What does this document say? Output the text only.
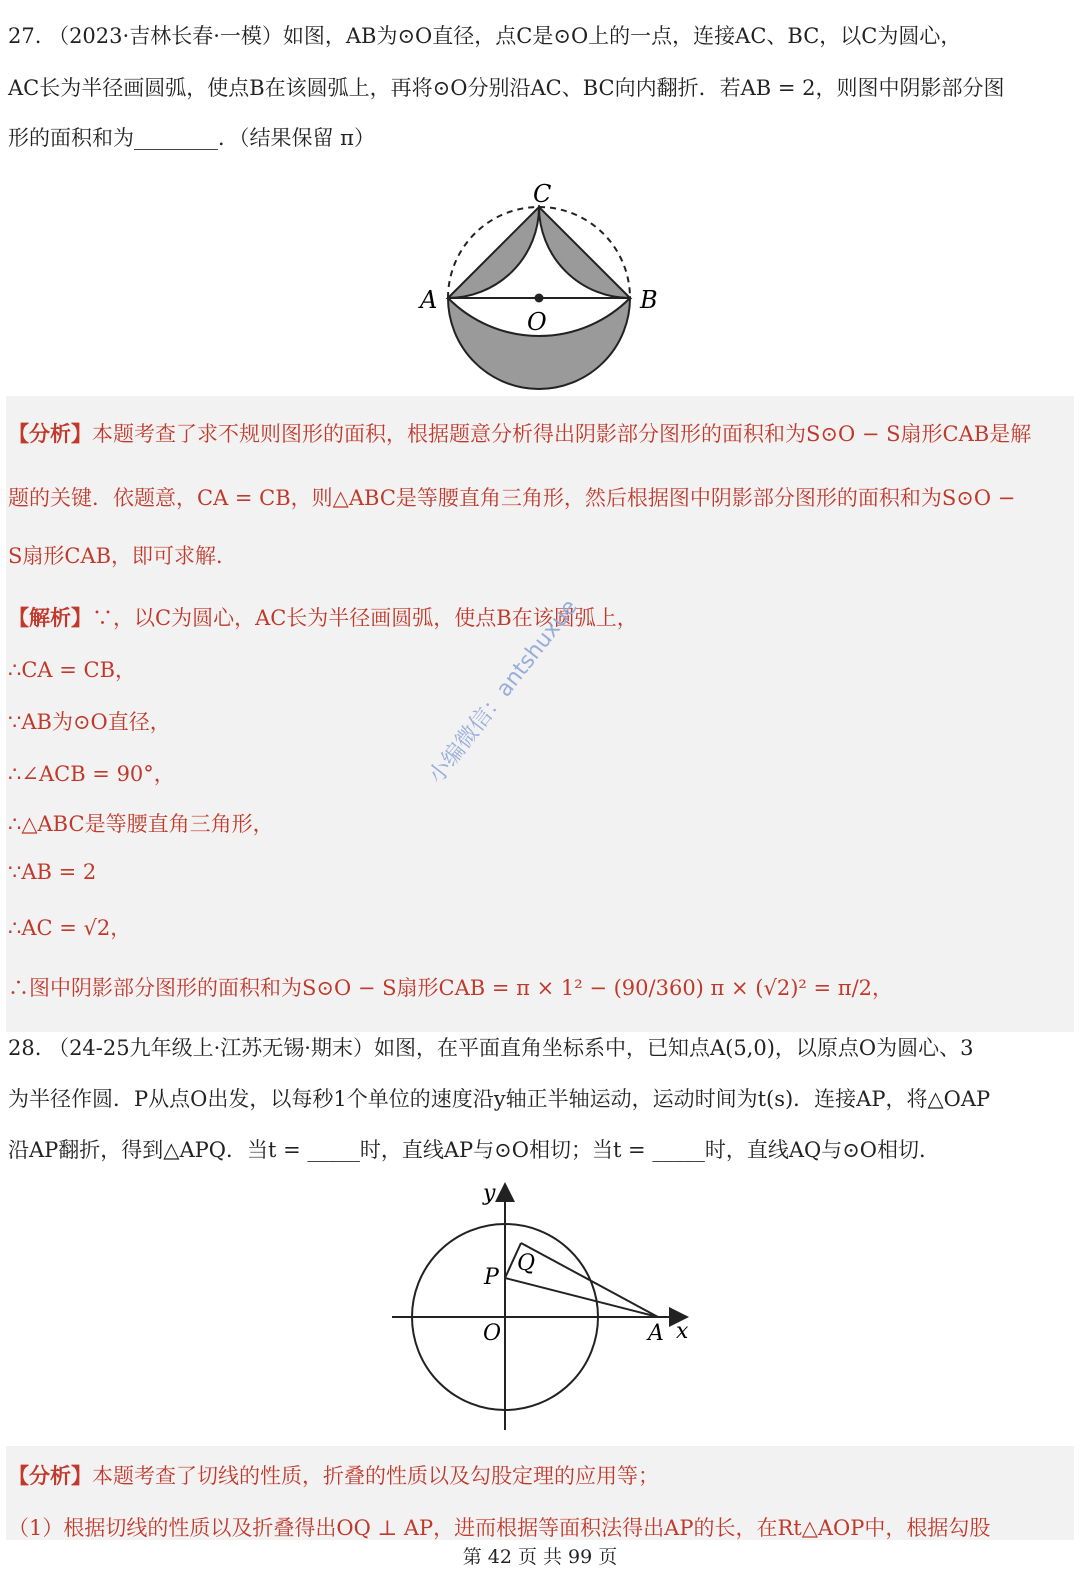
27. （2023·吉林长春·一模）如图，AB为⊙O直径，点C是⊙O上的一点，连接AC、BC，以C为圆心，
AC长为半径画圆弧，使点B在该圆弧上，再将⊙O分别沿AC、BC向内翻折．若AB = 2，则图中阴影部分图
形的面积和为________．（结果保留 π）
C
A	B
O
【分析】本题考查了求不规则图形的面积，根据题意分析得出阴影部分图形的面积和为S⊙O − S扇形CAB是解
题的关键．依题意，CA = CB，则△ABC是等腰直角三角形，然后根据图中阴影部分图形的面积和为S⊙O −
S扇形CAB，即可求解．
【解析】∵，以C为圆心，AC长为半径画圆弧，使点B在该圆弧上，
∴CA = CB，
∵AB为⊙O直径，
∴∠ACB = 90°，
∴△ABC是等腰直角三角形，
∵AB = 2
∴AC = √2，
∴图中阴影部分图形的面积和为S⊙O − S扇形CAB = π × 1² − (90/360) π × (√2)² = π/2，
小编微信：antshuxue
28. （24-25九年级上·江苏无锡·期末）如图，在平面直角坐标系中，已知点A(5,0)，以原点O为圆心、3
为半径作圆．P从点O出发，以每秒1个单位的速度沿y轴正半轴运动，运动时间为t(s)．连接AP，将△OAP
沿AP翻折，得到△APQ．当t = _____时，直线AP与⊙O相切；当t = _____时，直线AQ与⊙O相切．
y
Q
P
O	A x
【分析】本题考查了切线的性质，折叠的性质以及勾股定理的应用等；
（1）根据切线的性质以及折叠得出OQ ⊥ AP，进而根据等面积法得出AP的长，在Rt△AOP中，根据勾股
第 42 页 共 99 页
